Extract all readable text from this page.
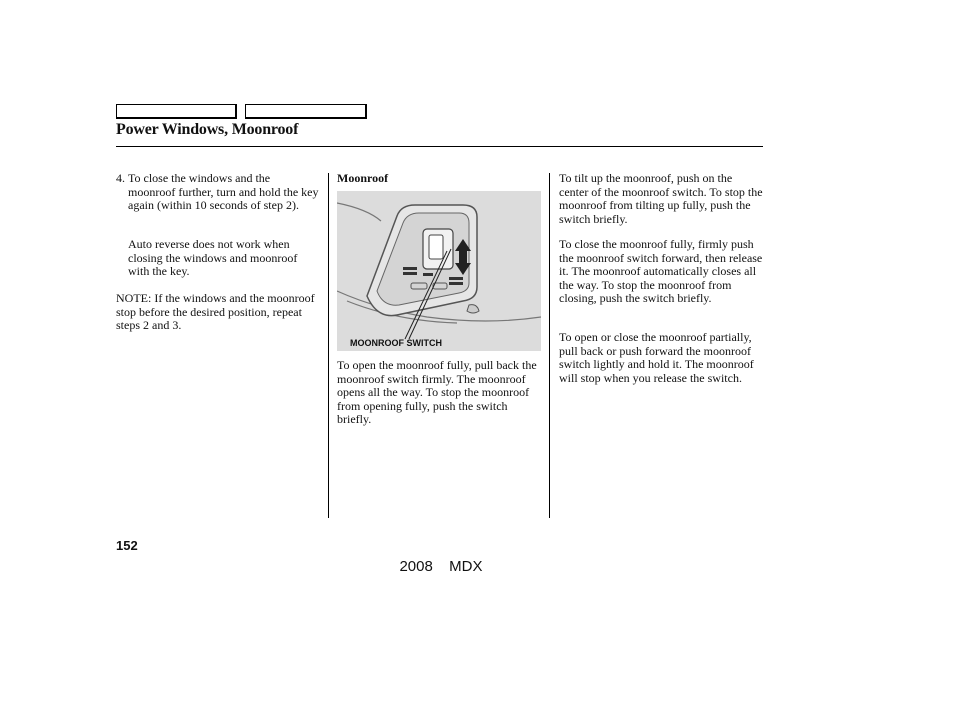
Power Windows, Moonroof
4. To close the windows and the moonroof further, turn and hold the key again (within 10 seconds of step 2).

Auto reverse does not work when closing the windows and moonroof with the key.

NOTE: If the windows and the moonroof stop before the desired position, repeat steps 2 and 3.

Moonroof
MOONROOF SWITCH

To open the moonroof fully, pull back the moonroof switch firmly. The moonroof opens all the way. To stop the moonroof from opening fully, push the switch briefly.

To tilt up the moonroof, push on the center of the moonroof switch. To stop the moonroof from tilting up fully, push the switch briefly.

To close the moonroof fully, firmly push the moonroof switch forward, then release it. The moonroof automatically closes all the way. To stop the moonroof from closing, push the switch briefly.

To open or close the moonroof partially, pull back or push forward the moonroof switch lightly and hold it. The moonroof will stop when you release the switch.

152
2008  MDX
